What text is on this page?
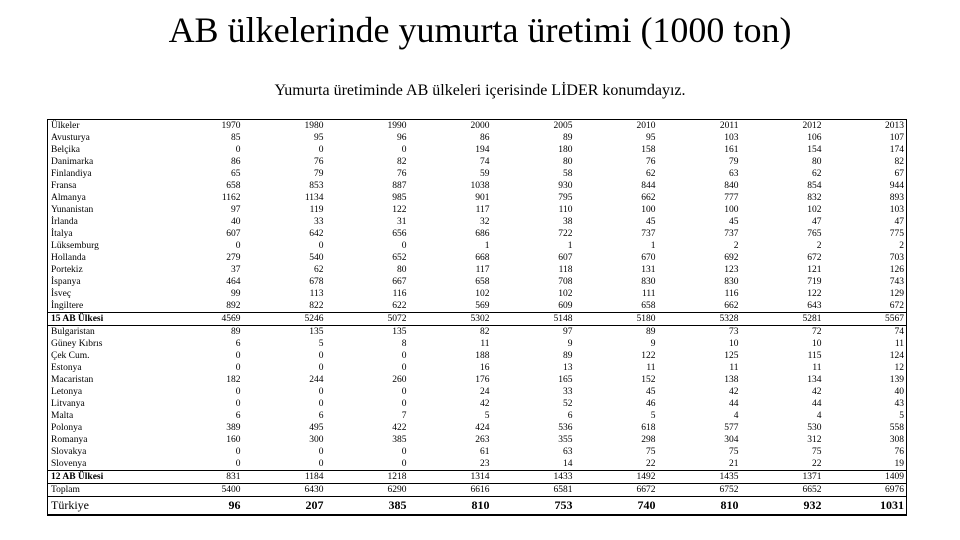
AB ülkelerinde yumurta üretimi (1000 ton)
Yumurta üretiminde AB ülkeleri içerisinde LİDER konumdayız.
Ülkeler	1970	1980	1990	2000	2005	2010	2011	2012	2013
Avusturya	85	95	96	86	89	95	103	106	107
Belçika	0	0	0	194	180	158	161	154	174
Danimarka	86	76	82	74	80	76	79	80	82
Finlandiya	65	79	76	59	58	62	63	62	67
Fransa	658	853	887	1038	930	844	840	854	944
Almanya	1162	1134	985	901	795	662	777	832	893
Yunanistan	97	119	122	117	110	100	100	102	103
İrlanda	40	33	31	32	38	45	45	47	47
İtalya	607	642	656	686	722	737	737	765	775
Lüksemburg	0	0	0	1	1	1	2	2	2
Hollanda	279	540	652	668	607	670	692	672	703
Portekiz	37	62	80	117	118	131	123	121	126
İspanya	464	678	667	658	708	830	830	719	743
İsveç	99	113	116	102	102	111	116	122	129
İngiltere	892	822	622	569	609	658	662	643	672
15 AB Ülkesi	4569	5246	5072	5302	5148	5180	5328	5281	5567
Bulgaristan	89	135	135	82	97	89	73	72	74
Güney Kıbrıs	6	5	8	11	9	9	10	10	11
Çek Cum.	0	0	0	188	89	122	125	115	124
Estonya	0	0	0	16	13	11	11	11	12
Macaristan	182	244	260	176	165	152	138	134	139
Letonya	0	0	0	24	33	45	42	42	40
Litvanya	0	0	0	42	52	46	44	44	43
Malta	6	6	7	5	6	5	4	4	5
Polonya	389	495	422	424	536	618	577	530	558
Romanya	160	300	385	263	355	298	304	312	308
Slovakya	0	0	0	61	63	75	75	75	76
Slovenya	0	0	0	23	14	22	21	22	19
12 AB Ülkesi	831	1184	1218	1314	1433	1492	1435	1371	1409
Toplam	5400	6430	6290	6616	6581	6672	6752	6652	6976
Türkiye	96	207	385	810	753	740	810	932	1031
